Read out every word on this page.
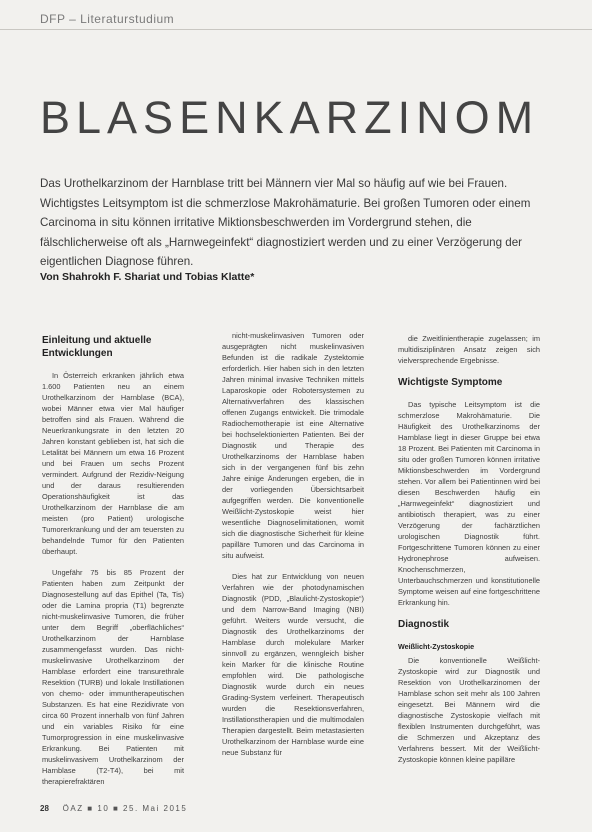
DFP – Literaturstudium
BLASENKARZINOM
Das Urothelkarzinom der Harnblase tritt bei Männern vier Mal so häufig auf wie bei Frauen. Wichtigstes Leitsymptom ist die schmerzlose Makrohämaturie. Bei großen Tumoren oder einem Carcinoma in situ können irritative Miktionsbeschwerden im Vordergrund stehen, die fälschlicherweise oft als „Harnwegeinfekt“ diagnostiziert werden und zu einer Verzögerung der eigentlichen Diagnose führen.
Von Shahrokh F. Shariat und Tobias Klatte*
Einleitung und aktuelle Entwicklungen

In Österreich erkranken jährlich etwa 1.600 Patienten neu an einem Urothelkarzinom der Harnblase (BCA), wobei Männer etwa vier Mal häufiger betroffen sind als Frauen. Während die Neuerkrankungsrate in den letzten 20 Jahren konstant geblieben ist, hat sich die Letalität bei Männern um etwa 16 Prozent und bei Frauen um sechs Prozent vermindert. Aufgrund der Rezidiv-Neigung und der daraus resultierenden Operationshäufigkeit ist das Urothelkarzinom der Harnblase die am meisten (pro Patient) urologische Tumorerkrankung und der am teuersten zu behandelnde Tumor für den Patienten überhaupt.

Ungefähr 75 bis 85 Prozent der Patienten haben zum Zeitpunkt der Diagnosestellung auf das Epithel (Ta, Tis) oder die Lamina propria (T1) begrenzte nicht-muskelinvasive Tumoren, die früher unter dem Begriff „oberflächliches“ Urothelkarzinom der Harnblase zusammengefasst wurden. Das nicht-muskelinvasive Urothelkarzinom der Harnblase erfordert eine transurethrale Resektion (TURB) und lokale Instillationen von chemo- oder immuntherapeutischen Substanzen. Es hat eine Rezidivrate von circa 60 Prozent innerhalb von fünf Jahren und ein variables Risiko für eine Tumorprogression in eine muskelinvasive Erkrankung. Bei Patienten mit muskelinvasivem Urothelkarzinom der Harnblase (T2-T4), bei mit therapierefraktären

nicht-muskelinvasiven Tumoren oder ausgeprägten nicht muskelinvasiven Befunden ist die radikale Zystektomie erforderlich. Hier haben sich in den letzten Jahren minimal invasive Techniken mittels Laparoskopie oder Robotersystemen zu Alternativverfahren des klassischen offenen Zugangs entwickelt. Die trimodale Radiochemotherapie ist eine Alternative bei hochselektionierten Patienten. Bei der Diagnostik und Therapie des Urothelkarzinoms der Harnblase haben sich in der vergangenen fünf bis zehn Jahre einige Änderungen ergeben, die in der vorliegenden Übersichtsarbeit aufgegriffen werden. Die konventionelle Weißlicht-Zystoskopie weist hier wesentliche Diagnoselimitationen, womit sich die diagnostische Sicherheit für kleine papilläre Tumoren und das Carcinoma in situ aufweist.

Dies hat zur Entwicklung von neuen Verfahren wie der photodynamischen Diagnostik (PDD, „Blaulicht-Zystoskopie“) und dem Narrow-Band Imaging (NBI) geführt. Weiters wurde versucht, die Diagnostik des Urothelkarzinoms der Harnblase durch molekulare Marker sinnvoll zu ergänzen, wenngleich bisher kein Marker für die klinische Routine empfohlen wird. Die pathologische Diagnostik wurde durch ein neues Grading-System verfeinert. Therapeutisch wurden die Resektionsverfahren, Instillationstherapien und die multimodalen Therapien dargestellt. Beim metastasierten Urothelkarzinom der Harnblase wurde eine neue Substanz für

die Zweitlinientherapie zugelassen; im multidisziplinären Ansatz zeigen sich vielversprechende Ergebnisse.

Wichtigste Symptome

Das typische Leitsymptom ist die schmerzlose Makrohämaturie. Die Häufigkeit des Urothelkarzinoms der Harnblase liegt in dieser Gruppe bei etwa 18 Prozent. Bei Patienten mit Carcinoma in situ oder großen Tumoren können irritative Miktionsbeschwerden im Vordergrund stehen. Vor allem bei Patientinnen wird bei diesen Beschwerden häufig ein „Harnwegeinfekt“ diagnostiziert und antibiotisch therapiert, was zu einer Verzögerung der fachärztlichen urologischen Diagnostik führt. Fortgeschrittene Tumoren können zu einer Hydronephrose aufweisen. Knochenschmerzen, Unterbauchschmerzen und konstitutionelle Symptome weisen auf eine fortgeschrittene Erkrankung hin.

Diagnostik
Weißlicht-Zystoskopie

Die konventionelle Weißlicht-Zystoskopie wird zur Diagnostik und Resektion von Urothelkarzinomen der Harnblase schon seit mehr als 100 Jahren eingesetzt. Bei Männern wird die diagnostische Zystoskopie vielfach mit flexiblen Instrumenten durchgeführt, was die Schmerzen und Akzeptanz des Verfahrens bessert. Mit der Weißlicht-Zystoskopie können kleine papilläre

28 ÖAZ ■ 10 ■ 25. Mai 2015
